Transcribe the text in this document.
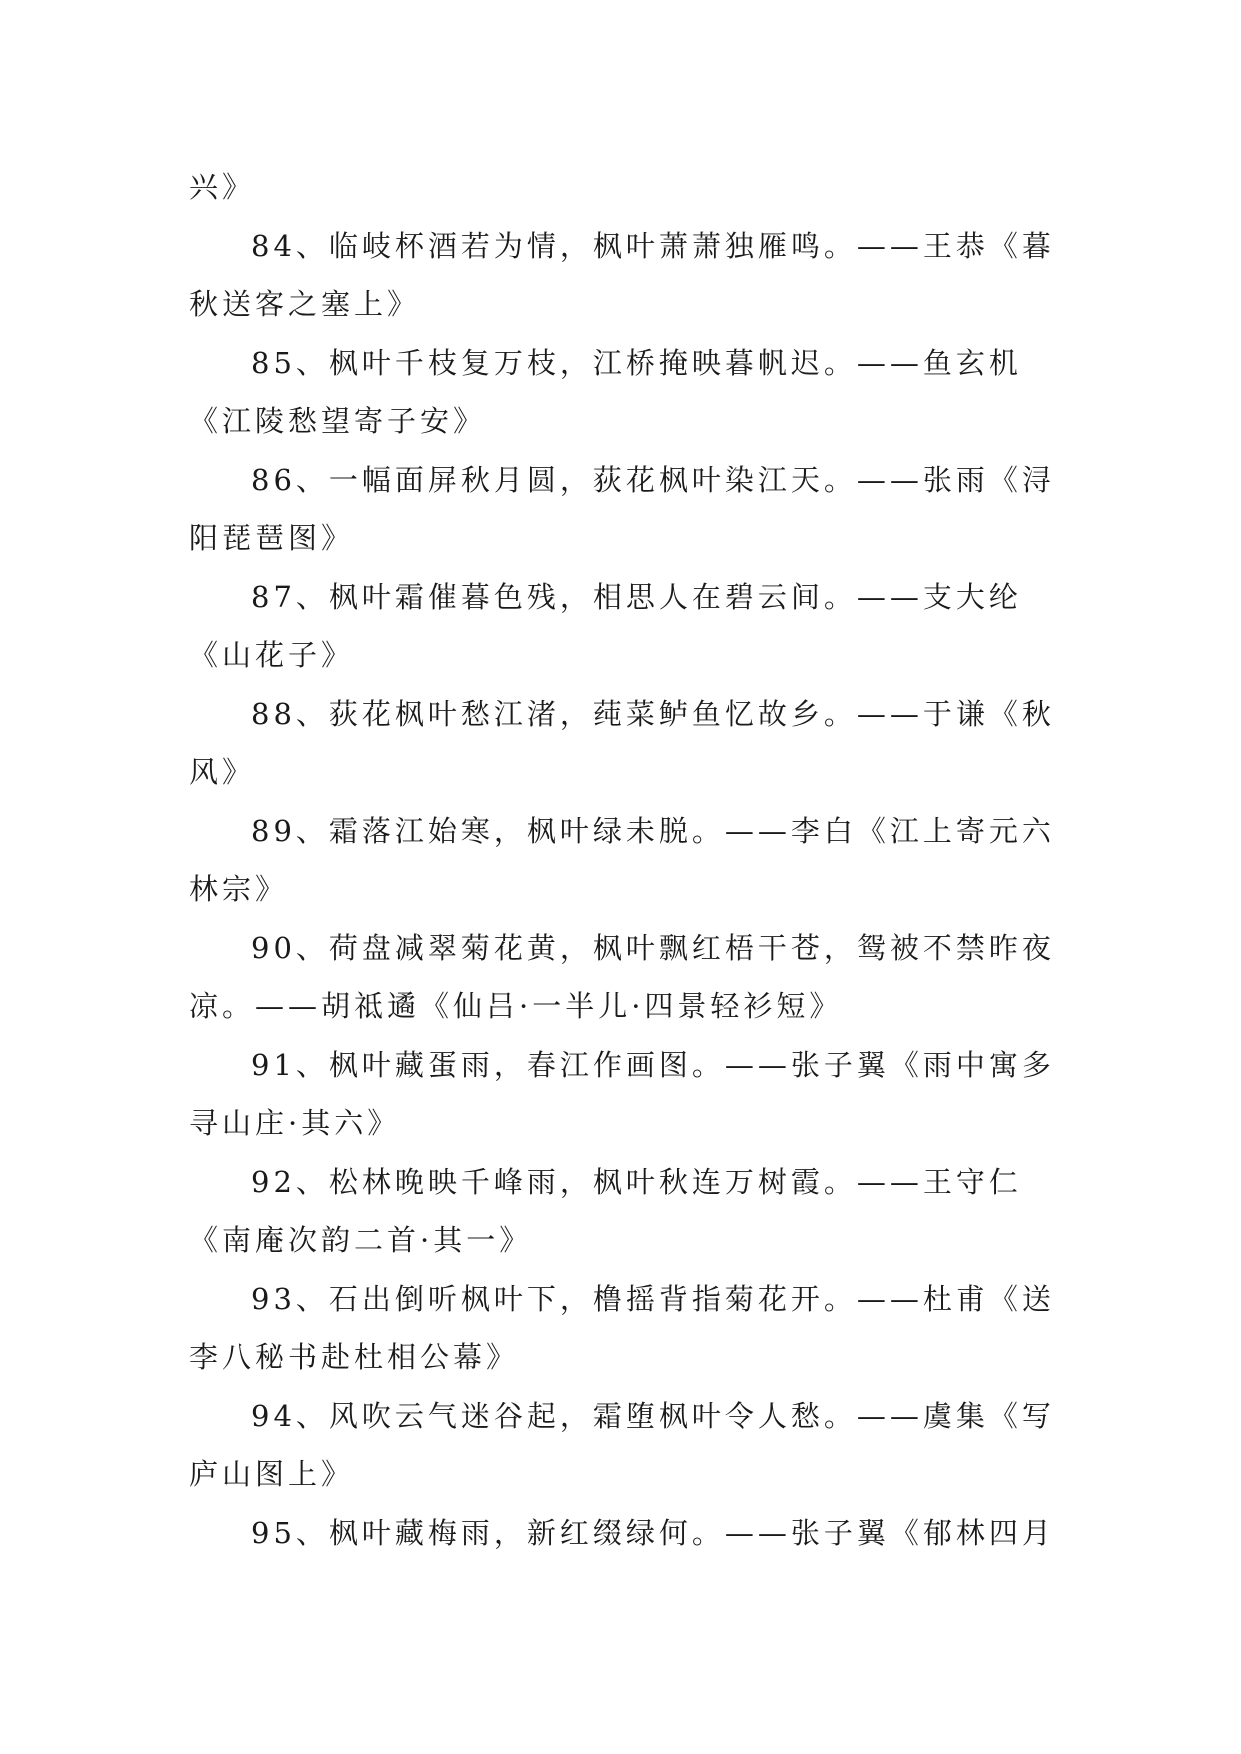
兴》
84、临岐杯酒若为情，枫叶萧萧独雁鸣。——王恭《暮
秋送客之塞上》
85、枫叶千枝复万枝，江桥掩映暮帆迟。——鱼玄机
《江陵愁望寄子安》
86、一幅面屏秋月圆，荻花枫叶染江天。——张雨《浔
阳琵琶图》
87、枫叶霜催暮色残，相思人在碧云间。——支大纶
《山花子》
88、荻花枫叶愁江渚，莼菜鲈鱼忆故乡。——于谦《秋
风》
89、霜落江始寒，枫叶绿未脱。——李白《江上寄元六
林宗》
90、荷盘减翠菊花黄，枫叶飘红梧干苍，鸳被不禁昨夜
凉。——胡祗遹《仙吕·一半儿·四景轻衫短》
91、枫叶藏蛋雨，春江作画图。——张子翼《雨中寓多
寻山庄·其六》
92、松林晚映千峰雨，枫叶秋连万树霞。——王守仁
《南庵次韵二首·其一》
93、石出倒听枫叶下，橹摇背指菊花开。——杜甫《送
李八秘书赴杜相公幕》
94、风吹云气迷谷起，霜堕枫叶令人愁。——虞集《写
庐山图上》
95、枫叶藏梅雨，新红缀绿何。——张子翼《郁林四月
